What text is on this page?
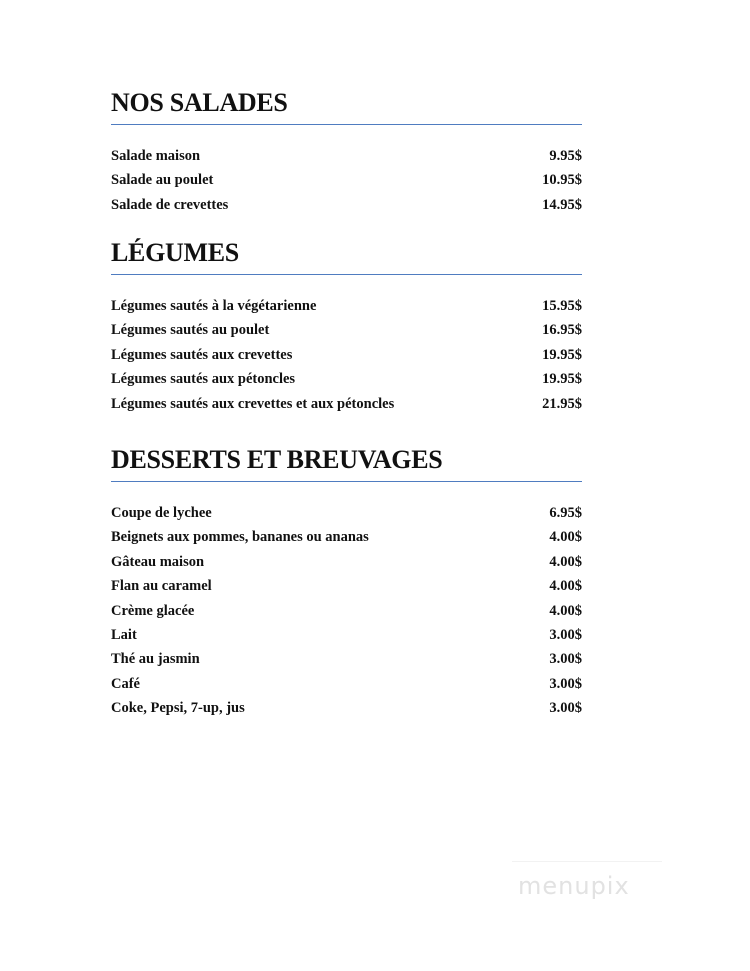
NOS SALADES
Salade maison	9.95$
Salade au poulet	10.95$
Salade de crevettes	14.95$
LÉGUMES
Légumes sautés à la végétarienne	15.95$
Légumes sautés au poulet	16.95$
Légumes sautés aux crevettes	19.95$
Légumes sautés aux pétoncles	19.95$
Légumes sautés aux crevettes et aux pétoncles	21.95$
DESSERTS ET BREUVAGES
Coupe de lychee	6.95$
Beignets aux pommes, bananes ou ananas	4.00$
Gâteau maison	4.00$
Flan au caramel	4.00$
Crème glacée	4.00$
Lait	3.00$
Thé au jasmin	3.00$
Café	3.00$
Coke, Pepsi, 7-up, jus	3.00$
menupix
